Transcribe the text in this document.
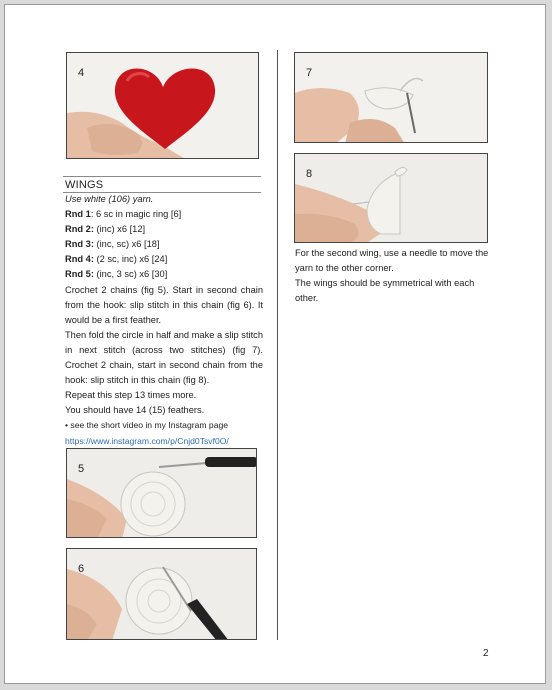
4	7
8
WINGS
Use white (106) yarn.
Rnd 1: 6 sc in magic ring [6]
Rnd 2: (inc) x6 [12]
Rnd 3: (inc, sc) x6 [18]
Rnd 4: (2 sc, inc) x6 [24]
Rnd 5: (inc, 3 sc) x6 [30]
Crochet 2 chains (fig 5). Start in second chain from the hook: slip stitch in this chain (fig 6). It would be a first feather.
Then fold the circle in half and make a slip stitch in next stitch (across two stitches) (fig 7). Crochet 2 chain, start in second chain from the hook: slip stitch in this chain (fig 8).
Repeat this step 13 times more.
You should have 14 (15) feathers.
• see the short video in my Instagram page
https://www.instagram.com/p/Cnjd0Tsvf0O/
5
6
For the second wing, use a needle to move the yarn to the other corner.
The wings should be symmetrical with each other.
2
